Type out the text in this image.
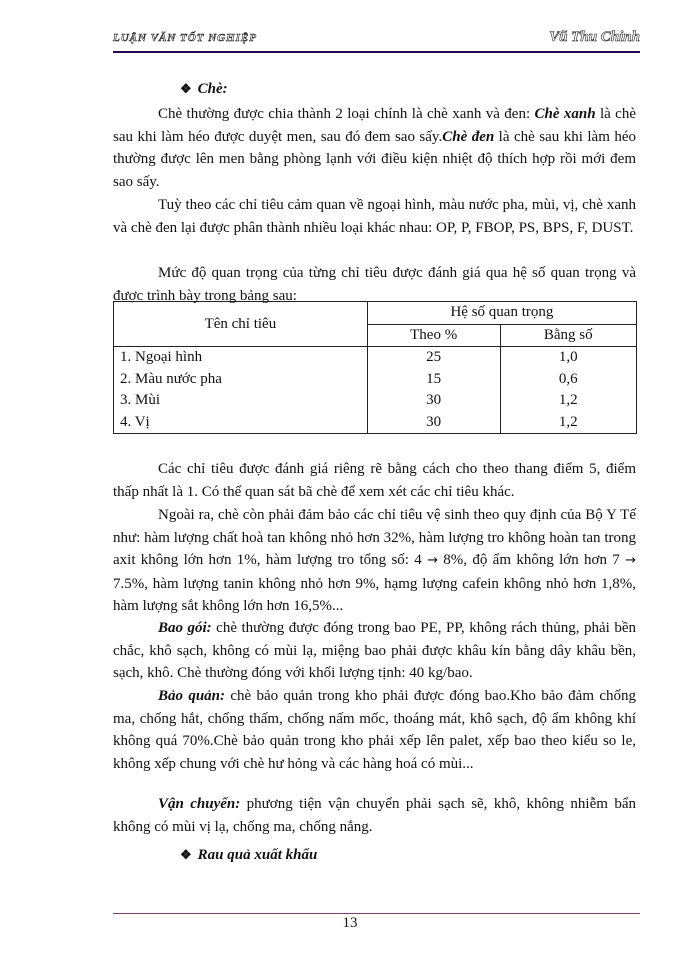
LUẬN VĂN TỐT NGHIỆP	Vũ Thu Chinh
❖ Chè:
Chè thường được chia thành 2 loại chính là chè xanh và đen: Chè xanh là chè sau khi làm héo được duyệt men, sau đó đem sao sấy.Chè đen là chè sau khi làm héo thường được lên men bằng phòng lạnh với điều kiện nhiệt độ thích hợp rồi mới đem sao sấy.
Tuỳ theo các chỉ tiêu cảm quan về ngoại hình, màu nước pha, mùi, vị, chè xanh và chè đen lại được phân thành nhiều loại khác nhau: OP, P, FBOP, PS, BPS, F, DUST.
Mức độ quan trọng của từng chỉ tiêu được đánh giá qua hệ số quan trọng và được trình bày trong bảng sau:
Tên chỉ tiêu	Hệ số quan trọng	
	Theo %	Bằng số
1. Ngoại hình	25	1,0
2. Màu nước pha	15	0,6
3. Mùi	30	1,2
4. Vị	30	1,2
Các chỉ tiêu được đánh giá riêng rẽ bằng cách cho theo thang điểm 5, điểm thấp nhất là 1. Có thể quan sát bã chè để xem xét các chỉ tiêu khác.
Ngoài ra, chè còn phải đảm bảo các chỉ tiêu vệ sinh theo quy định của Bộ Y Tế như: hàm lượng chất hoà tan không nhỏ hơn 32%, hàm lượng tro không hoàn tan trong axit không lớn hơn 1%, hàm lượng tro tổng số: 4 → 8%, độ ẩm không lớn hơn 7 → 7.5%, hàm lượng tanin không nhỏ hơn 9%, hạmg lượng cafein không nhỏ hơn 1,8%, hàm lượng sắt không lớn hơn 16,5%...
Bao gói: chè thường được đóng trong bao PE, PP, không rách thủng, phải bền chắc, khô sạch, không có mùi lạ, miệng bao phải được khâu kín bằng dây khâu bền, sạch, khô. Chè thường đóng với khối lượng tịnh: 40 kg/bao.
Bảo quản: chè bảo quản trong kho phải được đóng bao.Kho bảo đảm chống ma, chống hắt, chống thấm, chống nấm mốc, thoáng mát, khô sạch, độ ẩm không khí không quá 70%.Chè bảo quản trong kho phải xếp lên palet, xếp bao theo kiểu so le, không xếp chung với chè hư hỏng và các hàng hoá có mùi...
Vận chuyển: phương tiện vận chuyển phải sạch sẽ, khô, không nhiễm bẩn không có mùi vị lạ, chống ma, chống nắng.
❖ Rau quả xuất khẩu
13
